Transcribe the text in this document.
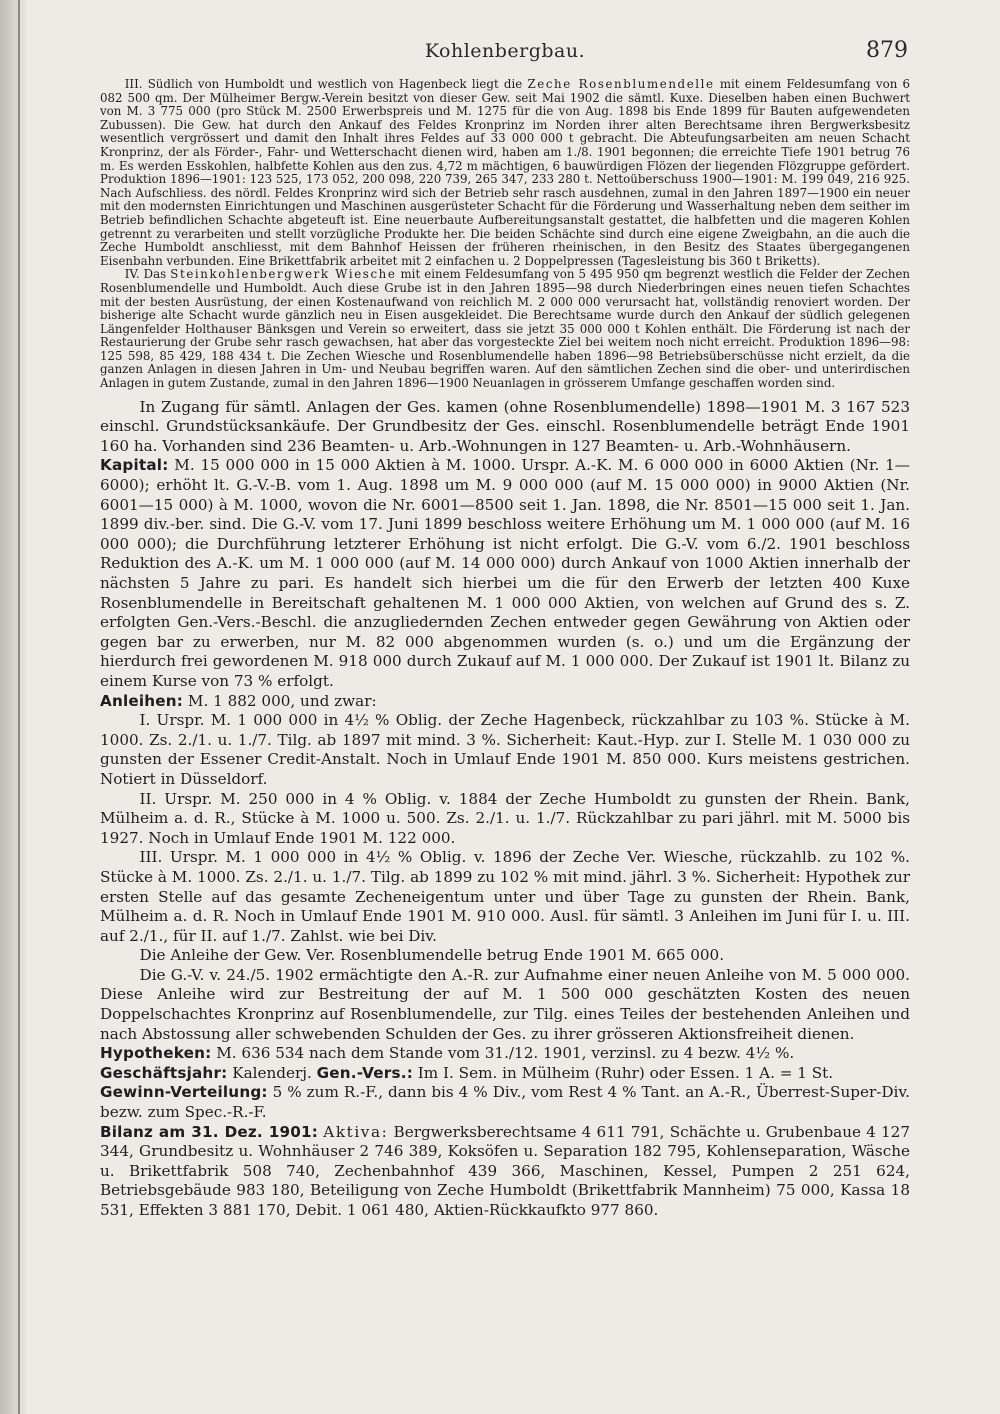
Kohlenbergbau.	879

III. Südlich von Humboldt und westlich von Hagenbeck liegt die Zeche Rosenblumendelle mit einem Feldesumfang von 6 082 500 qm. Der Mülheimer Bergw.-Verein besitzt von dieser Gew. seit Mai 1902 die sämtl. Kuxe. Dieselben haben einen Buchwert von M. 3 775 000 (pro Stück M. 2500 Erwerbspreis und M. 1275 für die von Aug. 1898 bis Ende 1899 für Bauten aufgewendeten Zubussen). Die Gew. hat durch den Ankauf des Feldes Kronprinz im Norden ihrer alten Berechtsame ihren Bergwerksbesitz wesentlich vergrössert und damit den Inhalt ihres Feldes auf 33 000 000 t gebracht. Die Abteufungsarbeiten am neuen Schacht Kronprinz, der als Förder-, Fahr- und Wetterschacht dienen wird, haben am 1./8. 1901 begonnen; die erreichte Tiefe 1901 betrug 76 m. Es werden Esskohlen, halbfette Kohlen aus den zus. 4,72 m mächtigen, 6 bauwürdigen Flözen der liegenden Flözgruppe gefördert. Produktion 1896—1901: 123 525, 173 052, 200 098, 220 739, 265 347, 233 280 t. Nettoüberschuss 1900—1901: M. 199 049, 216 925. Nach Aufschliess. des nördl. Feldes Kronprinz wird sich der Betrieb sehr rasch ausdehnen, zumal in den Jahren 1897—1900 ein neuer mit den modernsten Einrichtungen und Maschinen ausgerüsteter Schacht für die Förderung und Wasserhaltung neben dem seither im Betrieb befindlichen Schachte abgeteuft ist. Eine neuerbaute Aufbereitungsanstalt gestattet, die halbfetten und die mageren Kohlen getrennt zu verarbeiten und stellt vorzügliche Produkte her. Die beiden Schächte sind durch eine eigene Zweigbahn, an die auch die Zeche Humboldt anschliesst, mit dem Bahnhof Heissen der früheren rheinischen, in den Besitz des Staates übergegangenen Eisenbahn verbunden. Eine Brikettfabrik arbeitet mit 2 einfachen u. 2 Doppelpressen (Tagesleistung bis 360 t Briketts).

IV. Das Steinkohlenbergwerk Wiesche mit einem Feldesumfang von 5 495 950 qm begrenzt westlich die Felder der Zechen Rosenblumendelle und Humboldt. Auch diese Grube ist in den Jahren 1895—98 durch Niederbringen eines neuen tiefen Schachtes mit der besten Ausrüstung, der einen Kostenaufwand von reichlich M. 2 000 000 verursacht hat, vollständig renoviert worden. Der bisherige alte Schacht wurde gänzlich neu in Eisen ausgekleidet. Die Berechtsame wurde durch den Ankauf der südlich gelegenen Längenfelder Holthauser Bänksgen und Verein so erweitert, dass sie jetzt 35 000 000 t Kohlen enthält. Die Förderung ist nach der Restaurierung der Grube sehr rasch gewachsen, hat aber das vorgesteckte Ziel bei weitem noch nicht erreicht. Produktion 1896—98: 125 598, 85 429, 188 434 t. Die Zechen Wiesche und Rosenblumendelle haben 1896—98 Betriebsüberschüsse nicht erzielt, da die ganzen Anlagen in diesen Jahren in Um- und Neubau begriffen waren. Auf den sämtlichen Zechen sind die ober- und unterirdischen Anlagen in gutem Zustande, zumal in den Jahren 1896—1900 Neuanlagen in grösserem Umfange geschaffen worden sind.

In Zugang für sämtl. Anlagen der Ges. kamen (ohne Rosenblumendelle) 1898—1901 M. 3 167 523 einschl. Grundstücksankäufe. Der Grundbesitz der Ges. einschl. Rosenblumendelle beträgt Ende 1901 160 ha. Vorhanden sind 236 Beamten- u. Arb.-Wohnungen in 127 Beamten- u. Arb.-Wohnhäusern.

Kapital: M. 15 000 000 in 15 000 Aktien à M. 1000. Urspr. A.-K. M. 6 000 000 in 6000 Aktien (Nr. 1—6000); erhöht lt. G.-V.-B. vom 1. Aug. 1898 um M. 9 000 000 (auf M. 15 000 000) in 9000 Aktien (Nr. 6001—15 000) à M. 1000, wovon die Nr. 6001—8500 seit 1. Jan. 1898, die Nr. 8501—15 000 seit 1. Jan. 1899 div.-ber. sind. Die G.-V. vom 17. Juni 1899 beschloss weitere Erhöhung um M. 1 000 000 (auf M. 16 000 000); die Durchführung letzterer Erhöhung ist nicht erfolgt. Die G.-V. vom 6./2. 1901 beschloss Reduktion des A.-K. um M. 1 000 000 (auf M. 14 000 000) durch Ankauf von 1000 Aktien innerhalb der nächsten 5 Jahre zu pari. Es handelt sich hierbei um die für den Erwerb der letzten 400 Kuxe Rosenblumendelle in Bereitschaft gehaltenen M. 1 000 000 Aktien, von welchen auf Grund des s. Z. erfolgten Gen.-Vers.-Beschl. die anzugliedernden Zechen entweder gegen Gewährung von Aktien oder gegen bar zu erwerben, nur M. 82 000 abgenommen wurden (s. o.) und um die Ergänzung der hierdurch frei gewordenen M. 918 000 durch Zukauf auf M. 1 000 000. Der Zukauf ist 1901 lt. Bilanz zu einem Kurse von 73 % erfolgt.

Anleihen: M. 1 882 000, und zwar:

I. Urspr. M. 1 000 000 in 4½ % Oblig. der Zeche Hagenbeck, rückzahlbar zu 103 %. Stücke à M. 1000. Zs. 2./1. u. 1./7. Tilg. ab 1897 mit mind. 3 %. Sicherheit: Kaut.-Hyp. zur I. Stelle M. 1 030 000 zu gunsten der Essener Credit-Anstalt. Noch in Umlauf Ende 1901 M. 850 000. Kurs meistens gestrichen. Notiert in Düsseldorf.

II. Urspr. M. 250 000 in 4 % Oblig. v. 1884 der Zeche Humboldt zu gunsten der Rhein. Bank, Mülheim a. d. R., Stücke à M. 1000 u. 500. Zs. 2./1. u. 1./7. Rückzahlbar zu pari jährl. mit M. 5000 bis 1927. Noch in Umlauf Ende 1901 M. 122 000.

III. Urspr. M. 1 000 000 in 4½ % Oblig. v. 1896 der Zeche Ver. Wiesche, rückzahlb. zu 102 %. Stücke à M. 1000. Zs. 2./1. u. 1./7. Tilg. ab 1899 zu 102 % mit mind. jährl. 3 %. Sicherheit: Hypothek zur ersten Stelle auf das gesamte Zecheneigentum unter und über Tage zu gunsten der Rhein. Bank, Mülheim a. d. R. Noch in Umlauf Ende 1901 M. 910 000. Ausl. für sämtl. 3 Anleihen im Juni für I. u. III. auf 2./1., für II. auf 1./7. Zahlst. wie bei Div.

Die Anleihe der Gew. Ver. Rosenblumendelle betrug Ende 1901 M. 665 000.

Die G.-V. v. 24./5. 1902 ermächtigte den A.-R. zur Aufnahme einer neuen Anleihe von M. 5 000 000. Diese Anleihe wird zur Bestreitung der auf M. 1 500 000 geschätzten Kosten des neuen Doppelschachtes Kronprinz auf Rosenblumendelle, zur Tilg. eines Teiles der bestehenden Anleihen und nach Abstossung aller schwebenden Schulden der Ges. zu ihrer grösseren Aktionsfreiheit dienen.

Hypotheken: M. 636 534 nach dem Stande vom 31./12. 1901, verzinsl. zu 4 bezw. 4½ %.

Geschäftsjahr: Kalenderj. Gen.-Vers.: Im I. Sem. in Mülheim (Ruhr) oder Essen. 1 A. = 1 St.

Gewinn-Verteilung: 5 % zum R.-F., dann bis 4 % Div., vom Rest 4 % Tant. an A.-R., Überrest-Super-Div. bezw. zum Spec.-R.-F.

Bilanz am 31. Dez. 1901: Aktiva: Bergwerksberechtsame 4 611 791, Schächte u. Grubenbaue 4 127 344, Grundbesitz u. Wohnhäuser 2 746 389, Koksöfen u. Separation 182 795, Kohlenseparation, Wäsche u. Brikettfabrik 508 740, Zechenbahnhof 439 366, Maschinen, Kessel, Pumpen 2 251 624, Betriebsgebäude 983 180, Beteiligung von Zeche Humboldt (Brikettfabrik Mannheim) 75 000, Kassa 18 531, Effekten 3 881 170, Debit. 1 061 480, Aktien-Rückkaufkto 977 860.
